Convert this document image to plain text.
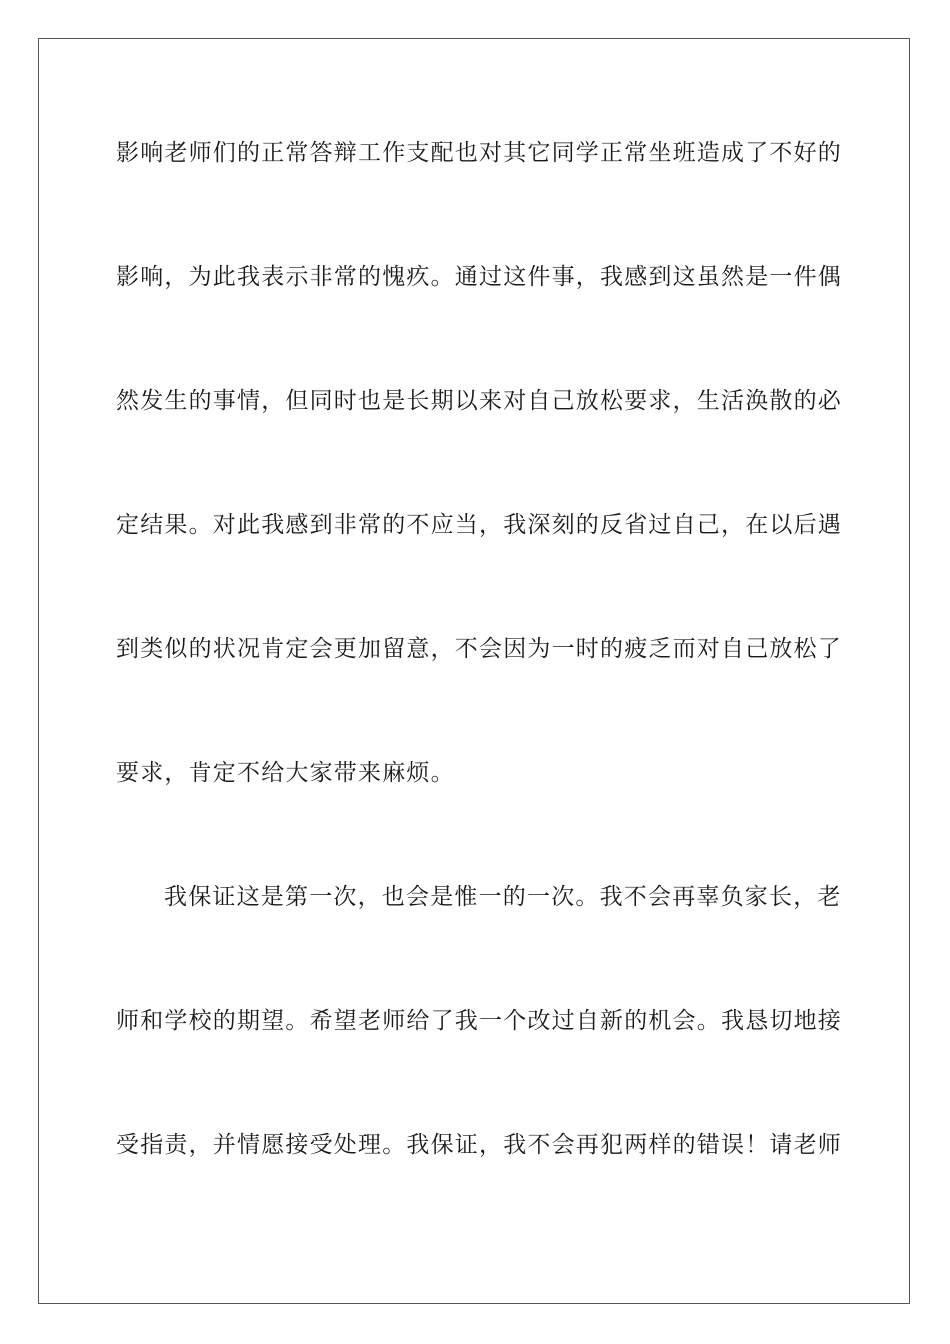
影响老师们的正常答辩工作支配也对其它同学正常坐班造成了不好的
影响，为此我表示非常的愧疚。通过这件事，我感到这虽然是一件偶
然发生的事情，但同时也是长期以来对自己放松要求，生活涣散的必
定结果。对此我感到非常的不应当，我深刻的反省过自己，在以后遇
到类似的状况肯定会更加留意，不会因为一时的疲乏而对自己放松了
要求，肯定不给大家带来麻烦。
我保证这是第一次，也会是惟一的一次。我不会再辜负家长，老
师和学校的期望。希望老师给了我一个改过自新的机会。我恳切地接
受指责，并情愿接受处理。我保证，我不会再犯两样的错误！请老师
